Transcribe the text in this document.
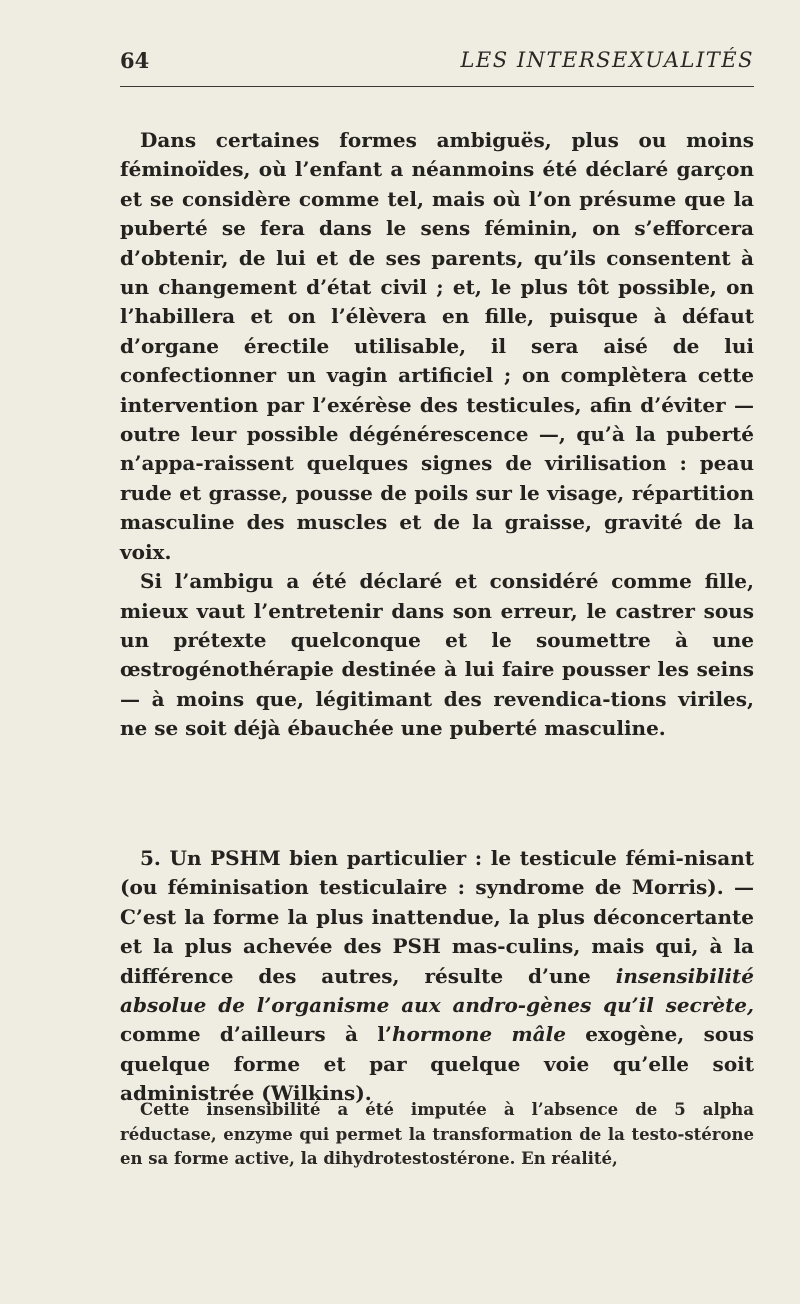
64	LES INTERSEXUALITÉS

Dans certaines formes ambiguës, plus ou moins féminoïdes, où l’enfant a néanmoins été déclaré garçon et se considère comme tel, mais où l’on présume que la puberté se fera dans le sens féminin, on s’efforcera d’obtenir, de lui et de ses parents, qu’ils consentent à un changement d’état civil ; et, le plus tôt possible, on l’habillera et on l’élèvera en fille, puisque à défaut d’organe érectile utilisable, il sera aisé de lui confectionner un vagin artificiel ; on complètera cette intervention par l’exérèse des testicules, afin d’éviter — outre leur possible dégénérescence —, qu’à la puberté n’appa-raissent quelques signes de virilisation : peau rude et grasse, pousse de poils sur le visage, répartition masculine des muscles et de la graisse, gravité de la voix.

Si l’ambigu a été déclaré et considéré comme fille, mieux vaut l’entretenir dans son erreur, le castrer sous un prétexte quelconque et le soumettre à une œstrogénothérapie destinée à lui faire pousser les seins — à moins que, légitimant des revendica-tions viriles, ne se soit déjà ébauchée une puberté masculine.

5. Un PSHM bien particulier : le testicule fémi-nisant (ou féminisation testiculaire : syndrome de Morris). — C’est la forme la plus inattendue, la plus déconcertante et la plus achevée des PSH mas-culins, mais qui, à la différence des autres, résulte d’une insensibilité absolue de l’organisme aux andro-gènes qu’il secrète, comme d’ailleurs à l’hormone mâle exogène, sous quelque forme et par quelque voie qu’elle soit administrée (Wilkins).

Cette insensibilité a été imputée à l’absence de 5 alpha réductase, enzyme qui permet la transformation de la testo-stérone en sa forme active, la dihydrotestostérone. En réalité,
